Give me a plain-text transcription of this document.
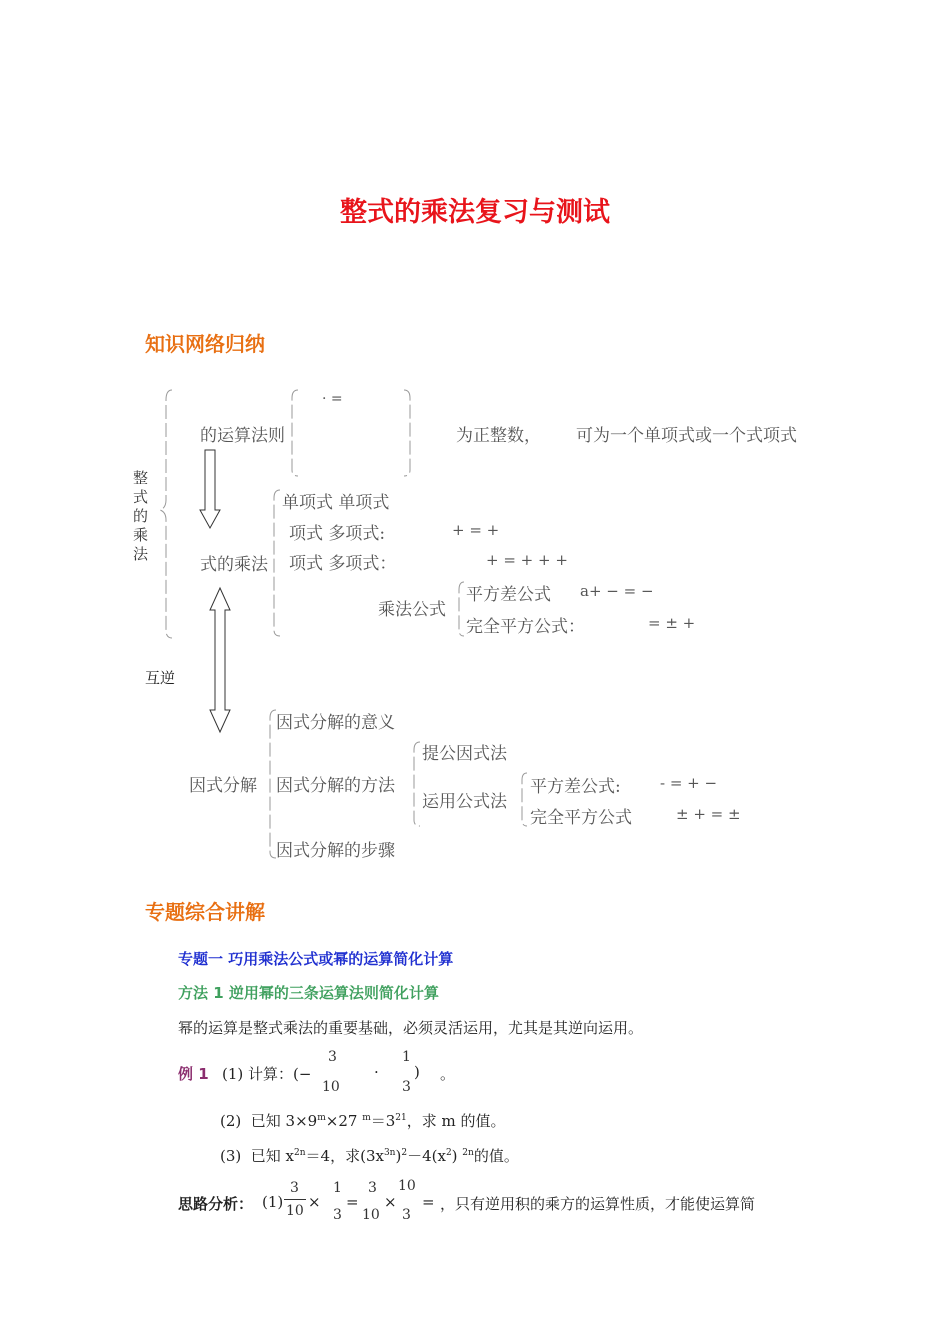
整式的乘法复习与测试
知识网络归纳
整式的乘法
的运算法则
· =
为正整数， 可为一个单项式或一个式项式
式的乘法
单项式 单项式
项式 多项式:	+ = +
项式 多项式：	+ = + + +
乘法公式
平方差公式 a+ − = −
完全平方公式：	= ± +
互逆
因式分解
因式分解的意义
因式分解的方法
因式分解的步骤
提公因式法
运用公式法
平方差公式:	- = + −
完全平方公式	± + = ±
专题综合讲解
专题一 巧用乘法公式或幂的运算简化计算
方法 1 逆用幂的三条运算法则简化计算
幂的运算是整式乘法的重要基础，必须灵活运用，尤其是其逆向运用。
例 1 (1) 计算：(−
3
10
·
1
3
) 。
(2)  已知 $3\times 9^m\times 27$ $^m=3^{21}$，求 m 的值。
(3)  已知 $x^{2n}=4$，求$(3x^{3n})^2-4(x^2)$ $^{2n}$的值。
思路分析： (1)
3
10 ×
1
3
=
3
10
×
10
3
= ，只有逆用积的乘方的运算性质，才能使运算简
